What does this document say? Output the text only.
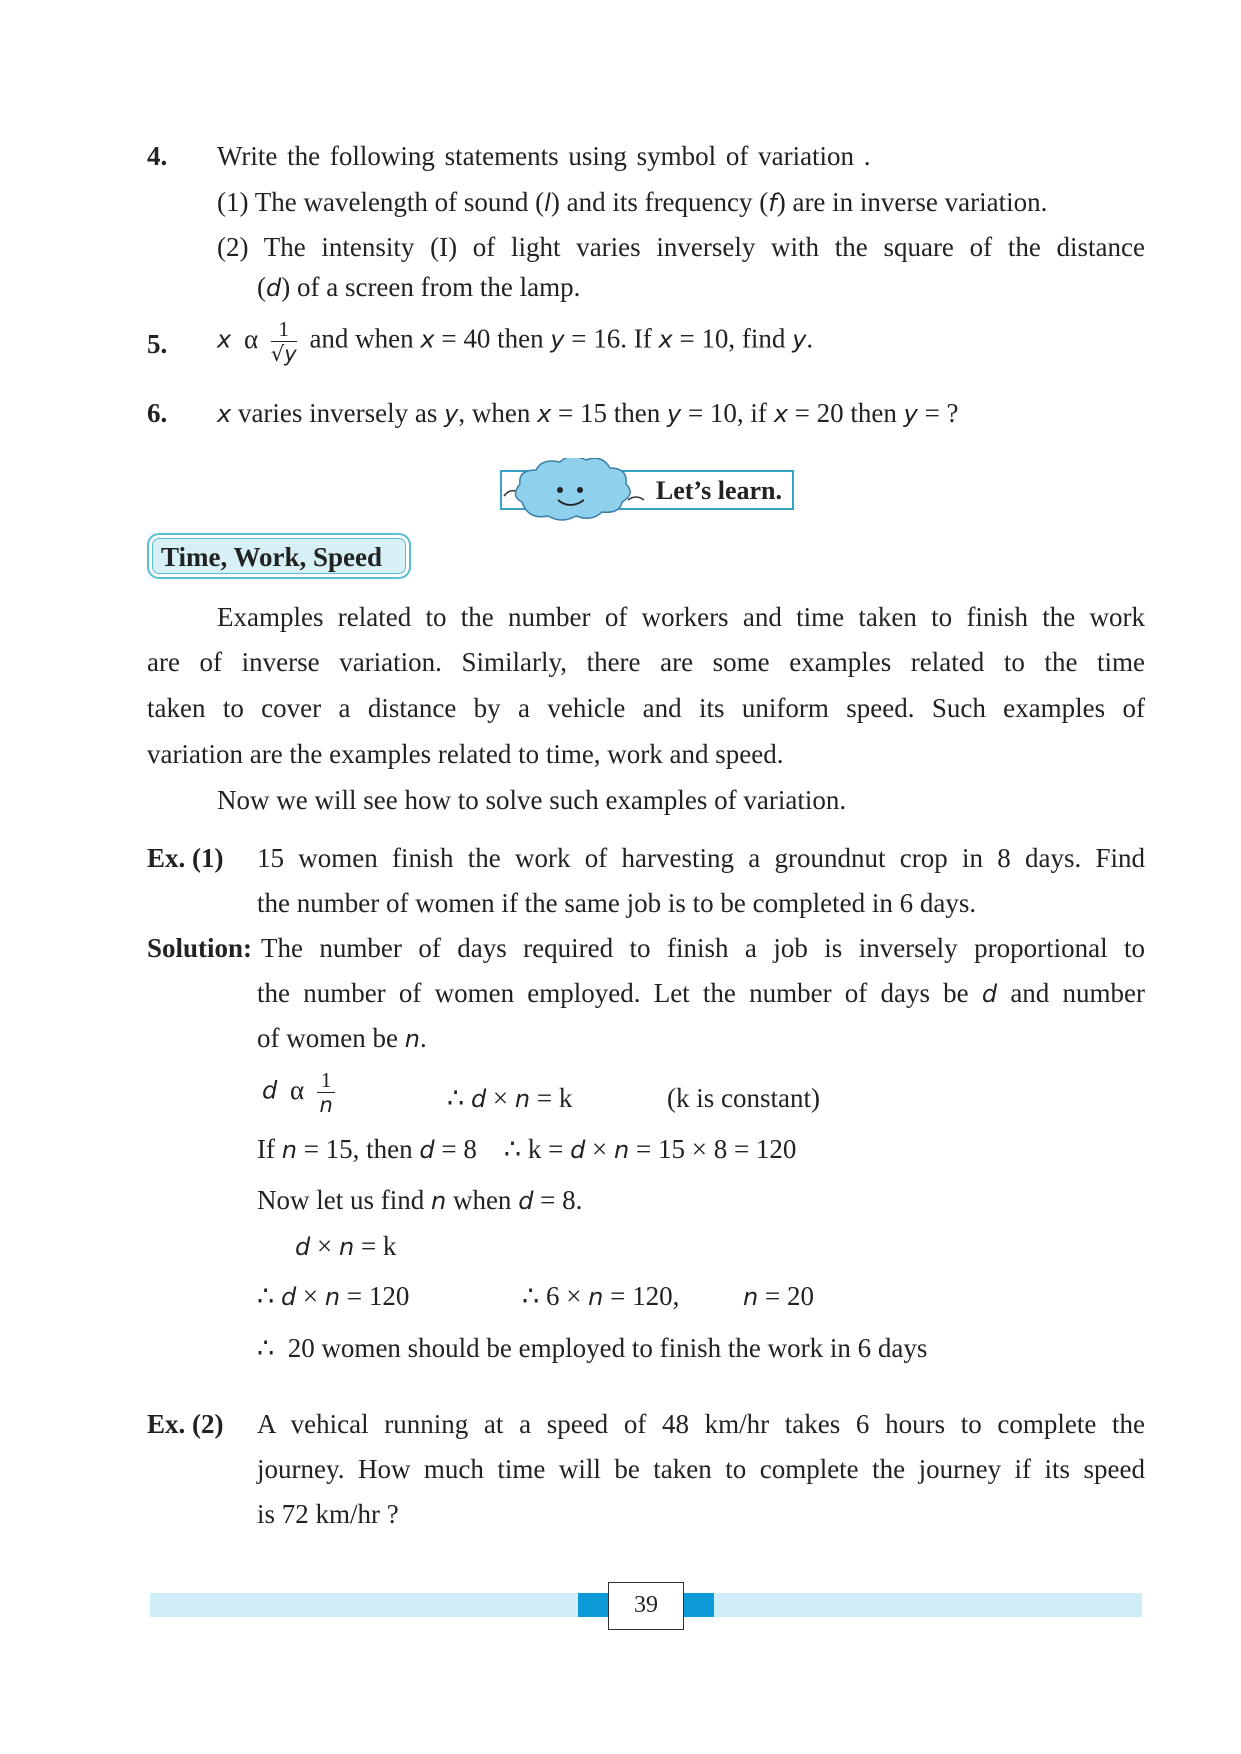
4. Write the following statements using symbol of variation .
(1) The wavelength of sound (l) and its frequency (f) are in inverse variation.
(2) The intensity (I) of light varies inversely with the square of the distance
(d) of a screen from the lamp.
5. x α $\frac{1}{√y}$ and when x = 40 then y = 16. If x = 10, find y.
6. x varies inversely as y, when x = 15 then y = 10, if x = 20 then y = ?
Let’s learn.
Time, Work, Speed
Examples related to the number of workers and time taken to finish the work
are of inverse variation. Similarly, there are some examples related to the time
taken to cover a distance by a vehicle and its uniform speed. Such examples of
variation are the examples related to time, work and speed.
Now we will see how to solve such examples of variation.
Ex. (1) 15 women finish the work of harvesting a groundnut crop in 8 days. Find
the number of women if the same job is to be completed in 6 days.
Solution: The number of days required to finish a job is inversely proportional to
the number of women employed. Let the number of days be d and number
of women be n.
d α $\frac{1}{n}$	∴ d × n = k	(k is constant)
If n = 15, then d = 8 ∴ k = d × n = 15 × 8 = 120
Now let us find n when d = 8.
d × n = k
∴ d × n = 120	∴ 6 × n = 120,	n = 20
∴ 20 women should be employed to finish the work in 6 days
Ex. (2) A vehical running at a speed of 48 km/hr takes 6 hours to complete the
journey. How much time will be taken to complete the journey if its speed
is 72 km/hr ?
39
